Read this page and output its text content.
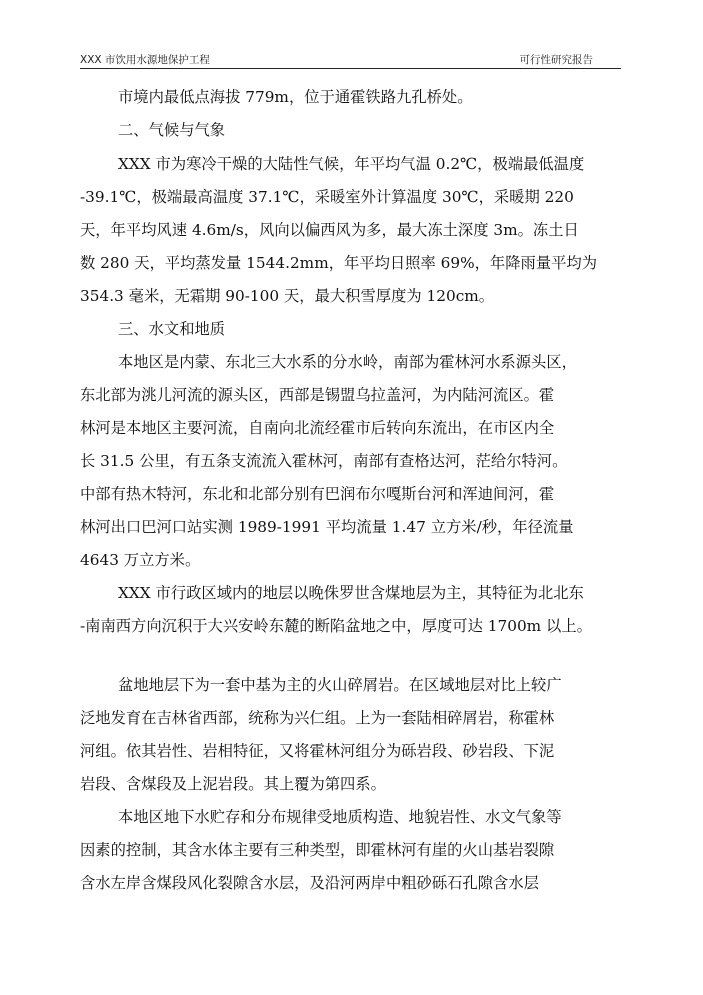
XXX 市饮用水源地保护工程	可行性研究报告
市境内最低点海拔 779m，位于通霍铁路九孔桥处。
二、气候与气象
XXX 市为寒冷干燥的大陆性气候，年平均气温 0.2℃，极端最低温度
-39.1℃，极端最高温度 37.1℃，采暖室外计算温度 30℃，采暖期 220
天，年平均风速 4.6m/s，风向以偏西风为多，最大冻土深度 3m。冻土日
数 280 天，平均蒸发量 1544.2mm，年平均日照率 69%，年降雨量平均为
354.3 毫米，无霜期 90-100 天，最大积雪厚度为 120cm。
三、水文和地质
本地区是内蒙、东北三大水系的分水岭，南部为霍林河水系源头区，
东北部为洮儿河流的源头区，西部是锡盟乌拉盖河，为内陆河流区。霍
林河是本地区主要河流，自南向北流经霍市后转向东流出，在市区内全
长 31.5 公里，有五条支流流入霍林河，南部有查格达河，茫给尔特河。
中部有热木特河，东北和北部分别有巴润布尔嘎斯台河和浑迪间河，霍
林河出口巴河口站实测 1989-1991 平均流量 1.47 立方米/秒，年径流量
4643 万立方米。
XXX 市行政区域内的地层以晚侏罗世含煤地层为主，其特征为北北东
-南南西方向沉积于大兴安岭东麓的断陷盆地之中，厚度可达 1700m 以上。
盆地地层下为一套中基为主的火山碎屑岩。在区域地层对比上较广
泛地发育在吉林省西部，统称为兴仁组。上为一套陆相碎屑岩，称霍林
河组。依其岩性、岩相特征，又将霍林河组分为砾岩段、砂岩段、下泥
岩段、含煤段及上泥岩段。其上覆为第四系。
本地区地下水贮存和分布规律受地质构造、地貌岩性、水文气象等
因素的控制，其含水体主要有三种类型，即霍林河有崖的火山基岩裂隙
含水左岸含煤段风化裂隙含水层，及沿河两岸中粗砂砾石孔隙含水层
